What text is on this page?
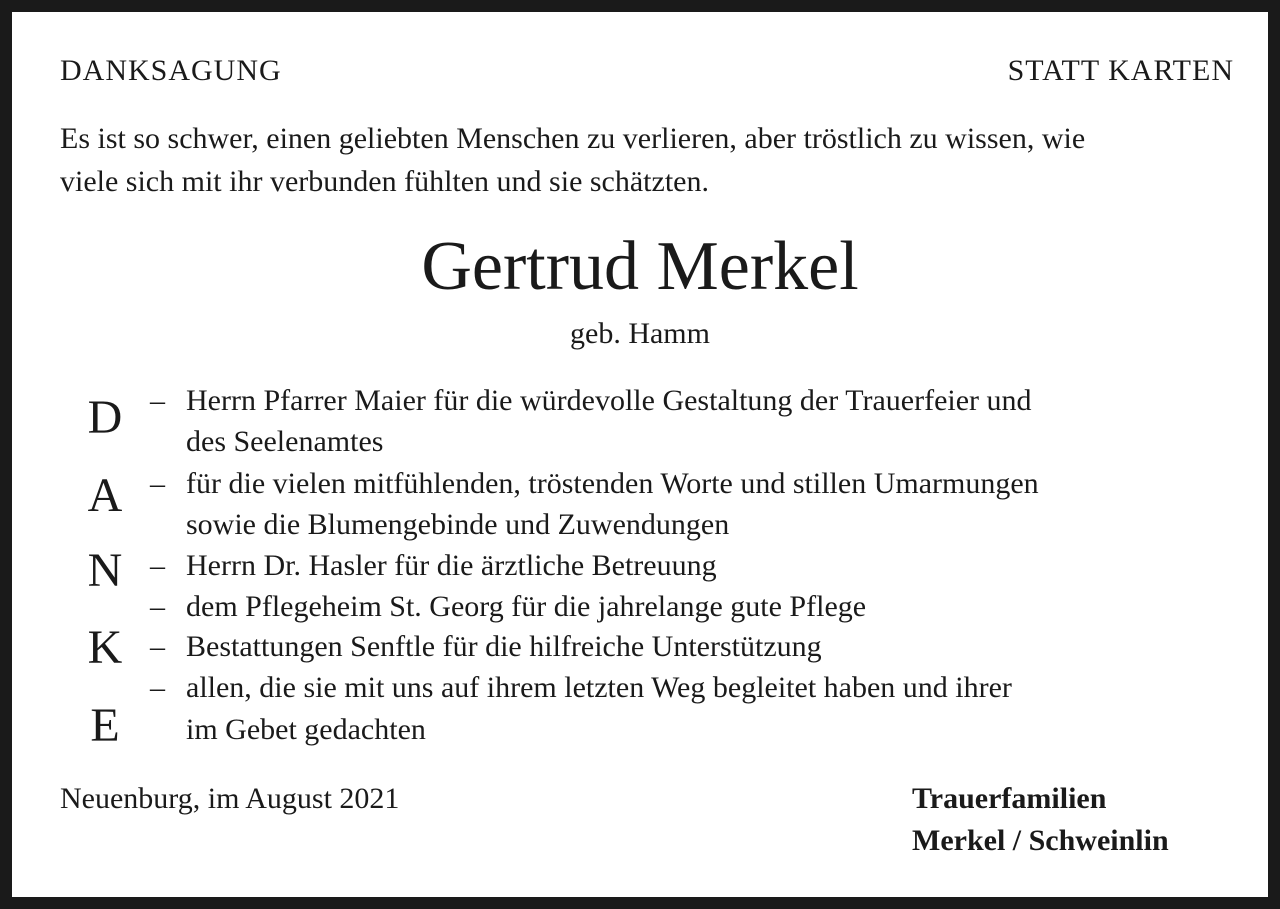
DANKSAGUNG	STATT KARTEN
Es ist so schwer, einen geliebten Menschen zu verlieren, aber tröstlich zu wissen, wie
viele sich mit ihr verbunden fühlten und sie schätzten.
Gertrud Merkel
geb. Hamm
D
A
N
K
E
– Herrn Pfarrer Maier für die würdevolle Gestaltung der Trauerfeier und
des Seelenamtes
– für die vielen mitfühlenden, tröstenden Worte und stillen Umarmungen
sowie die Blumengebinde und Zuwendungen
– Herrn Dr. Hasler für die ärztliche Betreuung
– dem Pflegeheim St. Georg für die jahrelange gute Pflege
– Bestattungen Senftle für die hilfreiche Unterstützung
– allen, die sie mit uns auf ihrem letzten Weg begleitet haben und ihrer
im Gebet gedachten
Neuenburg, im August 2021	Trauerfamilien
Merkel / Schweinlin
